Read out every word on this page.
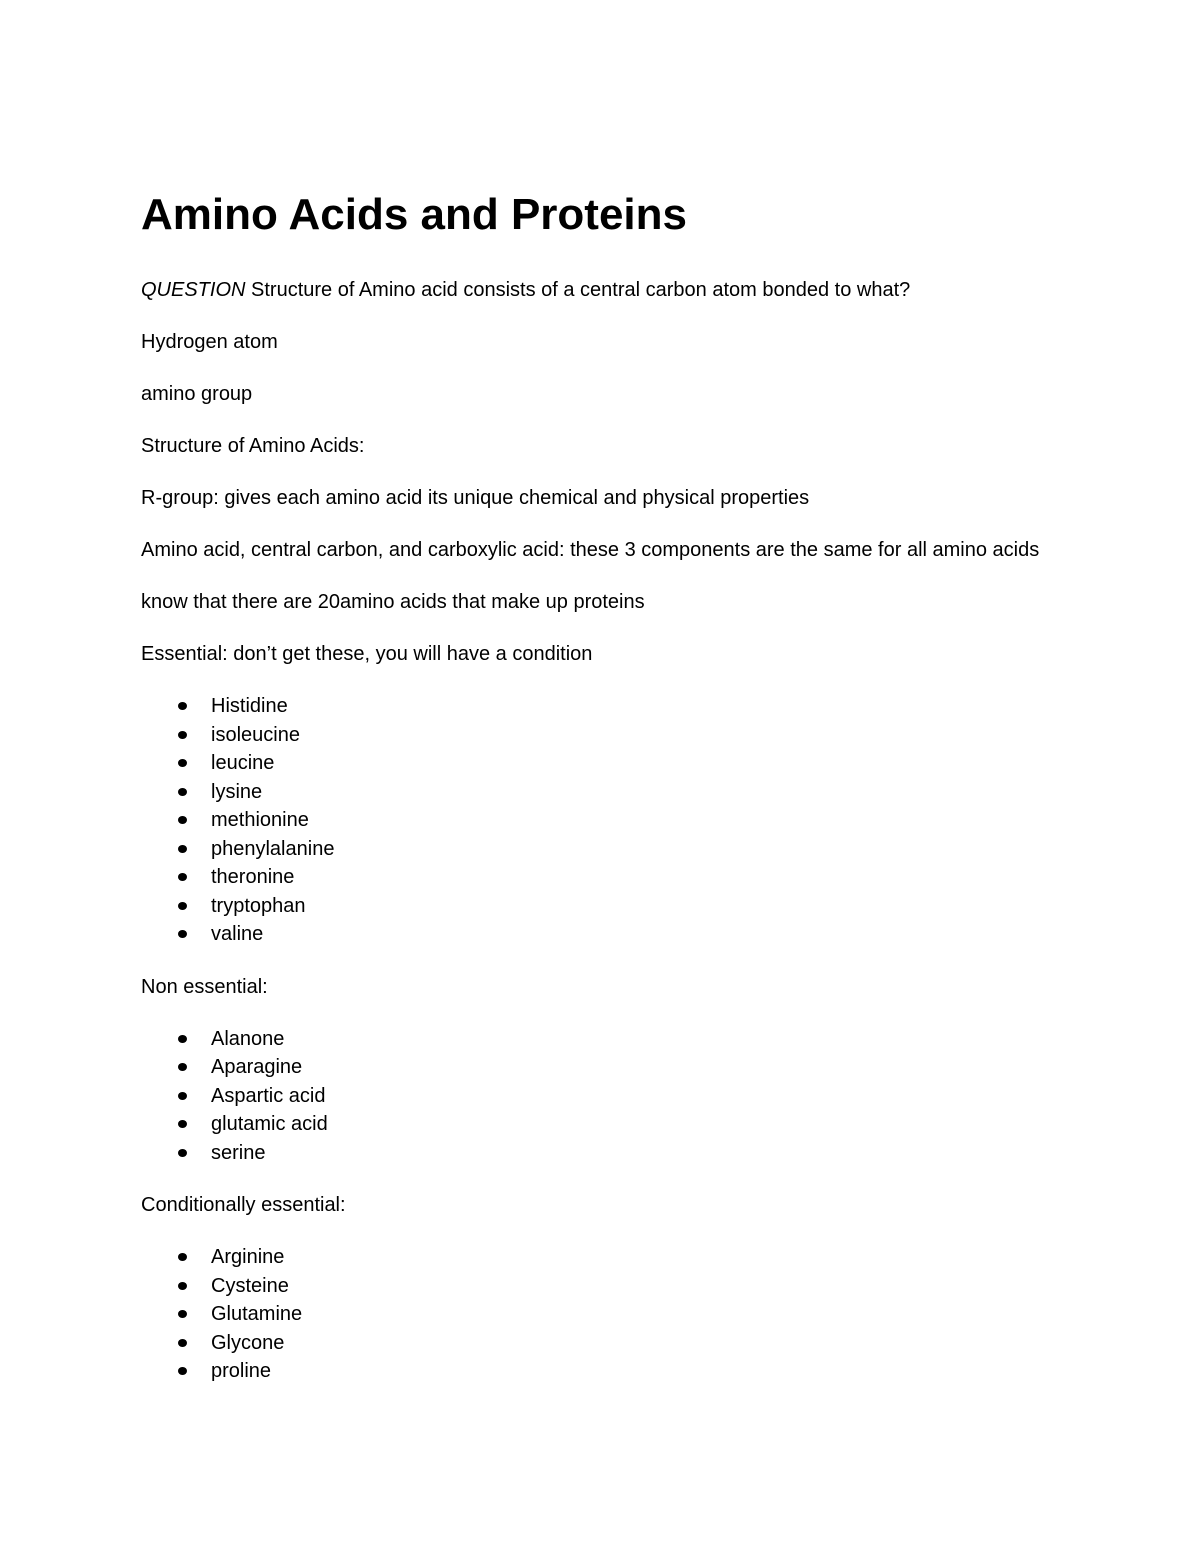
Amino Acids and Proteins

QUESTION Structure of Amino acid consists of a central carbon atom bonded to what?

Hydrogen atom

amino group

Structure of Amino Acids:

R-group: gives each amino acid its unique chemical and physical properties

Amino acid, central carbon, and carboxylic acid: these 3 components are the same for all amino acids

know that there are 20amino acids that make up proteins

Essential: don’t get these, you will have a condition

Histidine
isoleucine
leucine
lysine
methionine
phenylalanine
theronine
tryptophan
valine

Non essential:

Alanone
Aparagine
Aspartic acid
glutamic acid
serine

Conditionally essential:

Arginine
Cysteine
Glutamine
Glycone
proline
